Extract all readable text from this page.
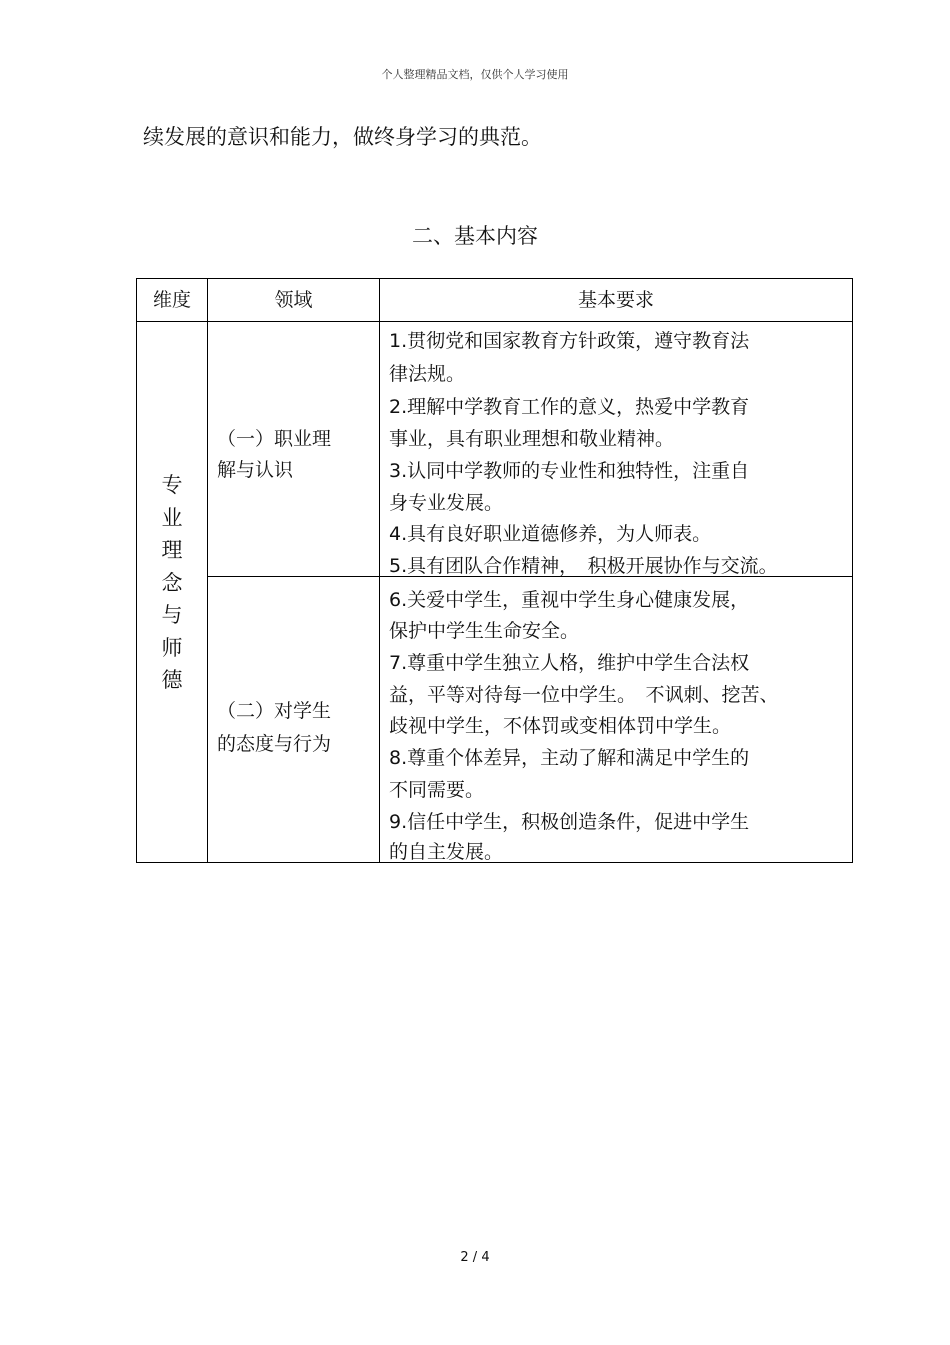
个人整理精品文档，仅供个人学习使用
续发展的意识和能力，做终身学习的典范。
二、基本内容
维度	领域	基本要求
专
业
理
念
与
师
德
（一）职业理
解与认识
（二）对学生
的态度与行为
1.贯彻党和国家教育方针政策，遵守教育法
律法规。
2.理解中学教育工作的意义，热爱中学教育
事业，具有职业理想和敬业精神。
3.认同中学教师的专业性和独特性，注重自
身专业发展。
4.具有良好职业道德修养，为人师表。
5.具有团队合作精神，　积极开展协作与交流。
6.关爱中学生，重视中学生身心健康发展，
保护中学生生命安全。
7.尊重中学生独立人格，维护中学生合法权
益，平等对待每一位中学生。　不讽刺、挖苦、
歧视中学生，不体罚或变相体罚中学生。
8.尊重个体差异，主动了解和满足中学生的
不同需要。
9.信任中学生，积极创造条件，促进中学生
的自主发展。
2 / 4
